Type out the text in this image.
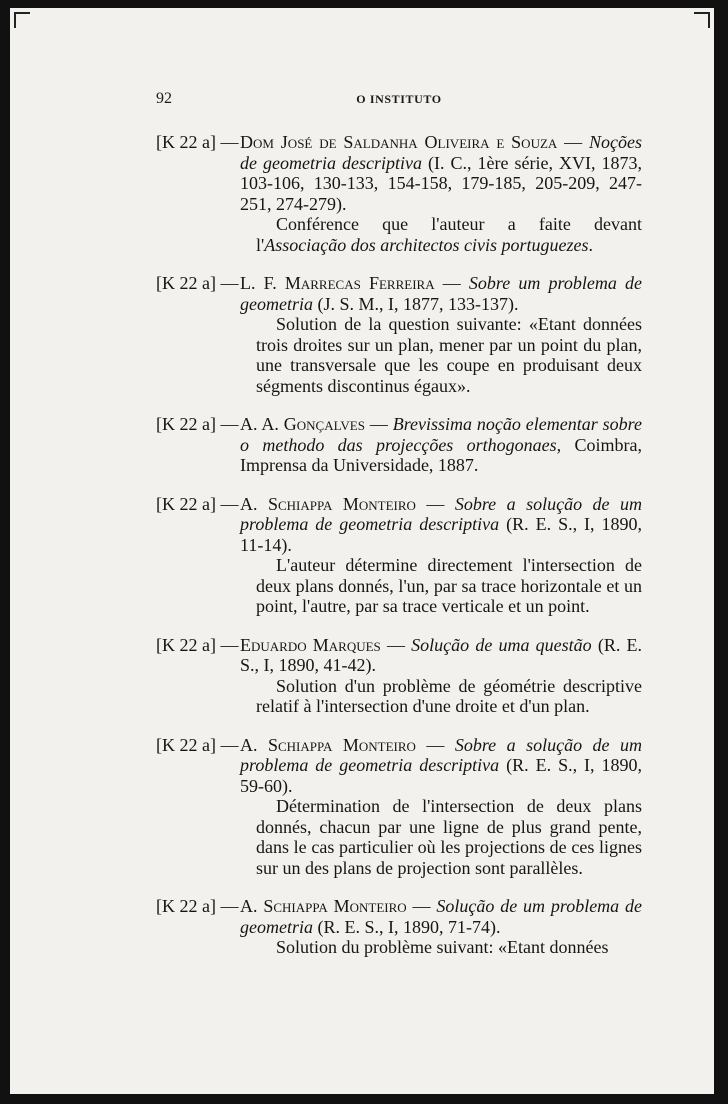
92	O INSTITUTO
[K 22 a] —Dom José de Saldanha Oliveira e Souza — Noções de geometria descriptiva (I. C., 1ère série, XVI, 1873, 103-106, 130-133, 154-158, 179-185, 205-209, 247-251, 274-279).

Conférence que l'auteur a faite devant l'Associação dos architectos civis portuguezes.

[K 22 a] —L. F. Marrecas Ferreira — Sobre um problema de geometria (J. S. M., I, 1877, 133-137).

Solution de la question suivante: «Etant données trois droites sur un plan, mener par un point du plan, une transversale que les coupe en produisant deux ségments discontinus égaux».

[K 22 a] —A. A. Gonçalves — Brevissima noção elementar sobre o methodo das projecções orthogonaes, Coimbra, Imprensa da Universidade, 1887.
[K 22 a] —A. Schiappa Monteiro — Sobre a solução de um problema de geometria descriptiva (R. E. S., I, 1890, 11-14).

L'auteur détermine directement l'intersection de deux plans donnés, l'un, par sa trace horizontale et un point, l'autre, par sa trace verticale et un point.

[K 22 a] —Eduardo Marques — Solução de uma questão (R. E. S., I, 1890, 41-42).

Solution d'un problème de géométrie descriptive relatif à l'intersection d'une droite et d'un plan.

[K 22 a] —A. Schiappa Monteiro — Sobre a solução de um problema de geometria descriptiva (R. E. S., I, 1890, 59-60).

Détermination de l'intersection de deux plans donnés, chacun par une ligne de plus grand pente, dans le cas particulier où les projections de ces lignes sur un des plans de projection sont parallèles.

[K 22 a] —A. Schiappa Monteiro — Solução de um problema de geometria (R. E. S., I, 1890, 71-74).

Solution du problème suivant: «Etant données
